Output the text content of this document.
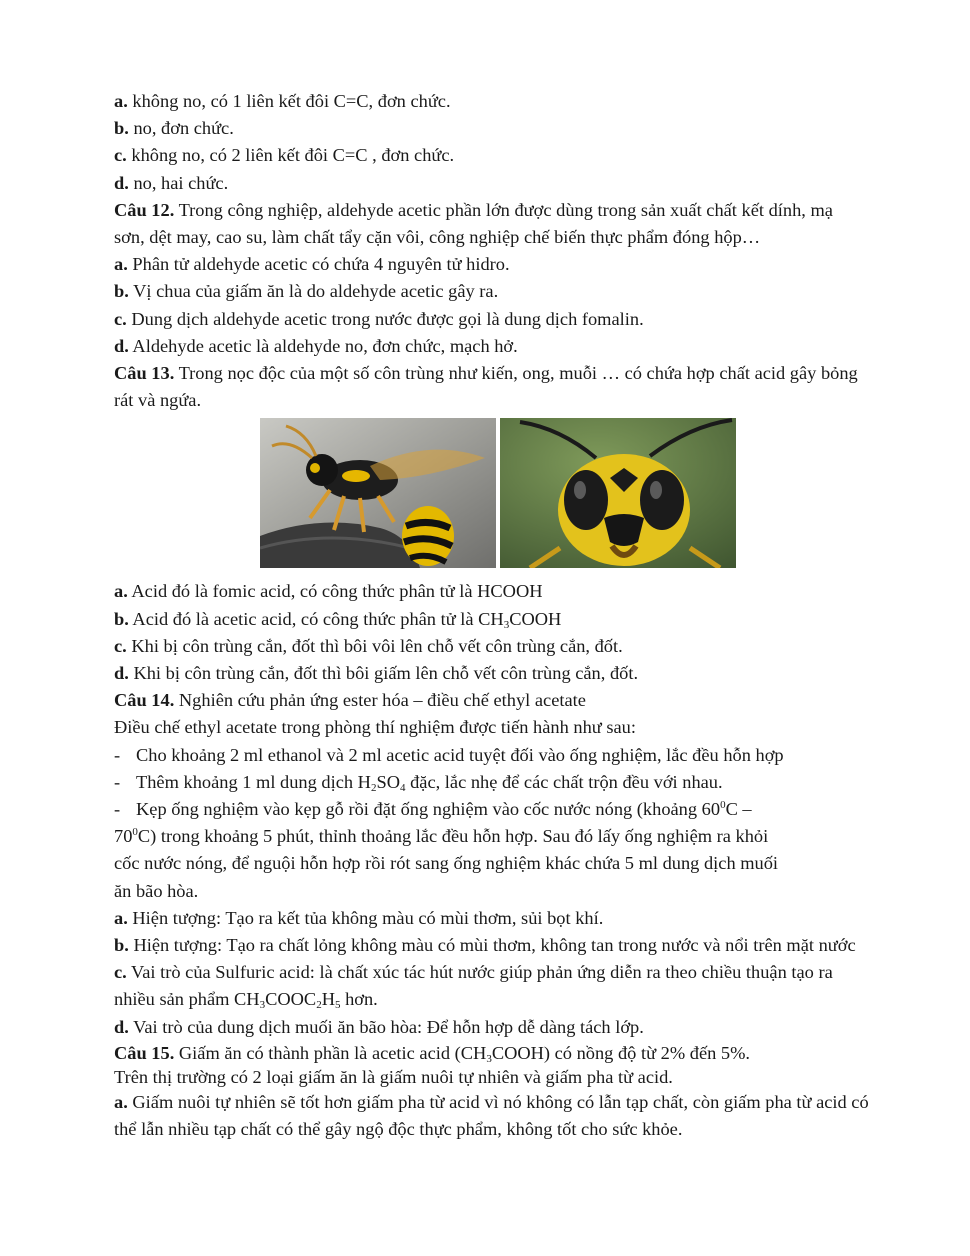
a. không no, có 1 liên kết đôi C=C, đơn chức.
b. no, đơn chức.
c. không no, có 2 liên kết đôi C=C , đơn chức.
d. no, hai chức.
Câu 12. Trong công nghiệp, aldehyde acetic phần lớn được dùng trong sản xuất chất kết dính, mạ sơn, dệt may, cao su, làm chất tẩy cặn vôi, công nghiệp chế biến thực phẩm đóng hộp…
a. Phân tử aldehyde acetic có chứa 4 nguyên tử hidro.
b. Vị chua của giấm ăn là do aldehyde acetic gây ra.
c. Dung dịch aldehyde acetic trong nước được gọi là dung dịch fomalin.
d. Aldehyde acetic là aldehyde no, đơn chức, mạch hở.
Câu 13. Trong nọc độc của một số côn trùng như kiến, ong, muỗi … có chứa hợp chất acid gây bỏng rát và ngứa.
a. Acid đó là fomic acid, có công thức phân tử là HCOOH
b. Acid đó là acetic acid, có công thức phân tử là $CH_3COOH$
c. Khi bị côn trùng cắn, đốt thì bôi vôi lên chỗ vết côn trùng cắn, đốt.
d. Khi bị côn trùng cắn, đốt thì bôi giấm lên chỗ vết côn trùng cắn, đốt.
Câu 14. Nghiên cứu phản ứng ester hóa – điều chế ethyl acetate
Điều chế ethyl acetate trong phòng thí nghiệm được tiến hành như sau:
- Cho khoảng 2 ml ethanol và 2 ml acetic acid tuyệt đối vào ống nghiệm, lắc đều hỗn hợp
- Thêm khoảng 1 ml dung dịch $H_2SO_4$ đặc, lắc nhẹ để các chất trộn đều với nhau.
- Kẹp ống nghiệm vào kẹp gỗ rồi đặt ống nghiệm vào cốc nước nóng (khoảng $60^0C$ –
$70^0C$) trong khoảng 5 phút, thỉnh thoảng lắc đều hỗn hợp. Sau đó lấy ống nghiệm ra khỏi
cốc nước nóng, để nguội hỗn hợp rồi rót sang ống nghiệm khác chứa 5 ml dung dịch muối
ăn bão hòa.
a. Hiện tượng: Tạo ra kết tủa không màu có mùi thơm, sủi bọt khí.
b. Hiện tượng: Tạo ra chất lỏng không màu có mùi thơm, không tan trong nước và nổi trên mặt nước
c. Vai trò của Sulfuric acid: là chất xúc tác hút nước giúp phản ứng diễn ra theo chiều thuận tạo ra nhiều sản phẩm $CH_3COOC_2H_5$ hơn.
d. Vai trò của dung dịch muối ăn bão hòa: Để hỗn hợp dễ dàng tách lớp.
Câu 15. Giấm ăn có thành phần là acetic acid $(CH_3COOH)$ có nồng độ từ 2% đến 5%.
Trên thị trường có 2 loại giấm ăn là giấm nuôi tự nhiên và giấm pha từ acid.
a. Giấm nuôi tự nhiên sẽ tốt hơn giấm pha từ acid vì nó không có lẫn tạp chất, còn giấm pha từ acid có thể lẫn nhiều tạp chất có thể gây ngộ độc thực phẩm, không tốt cho sức khỏe.
